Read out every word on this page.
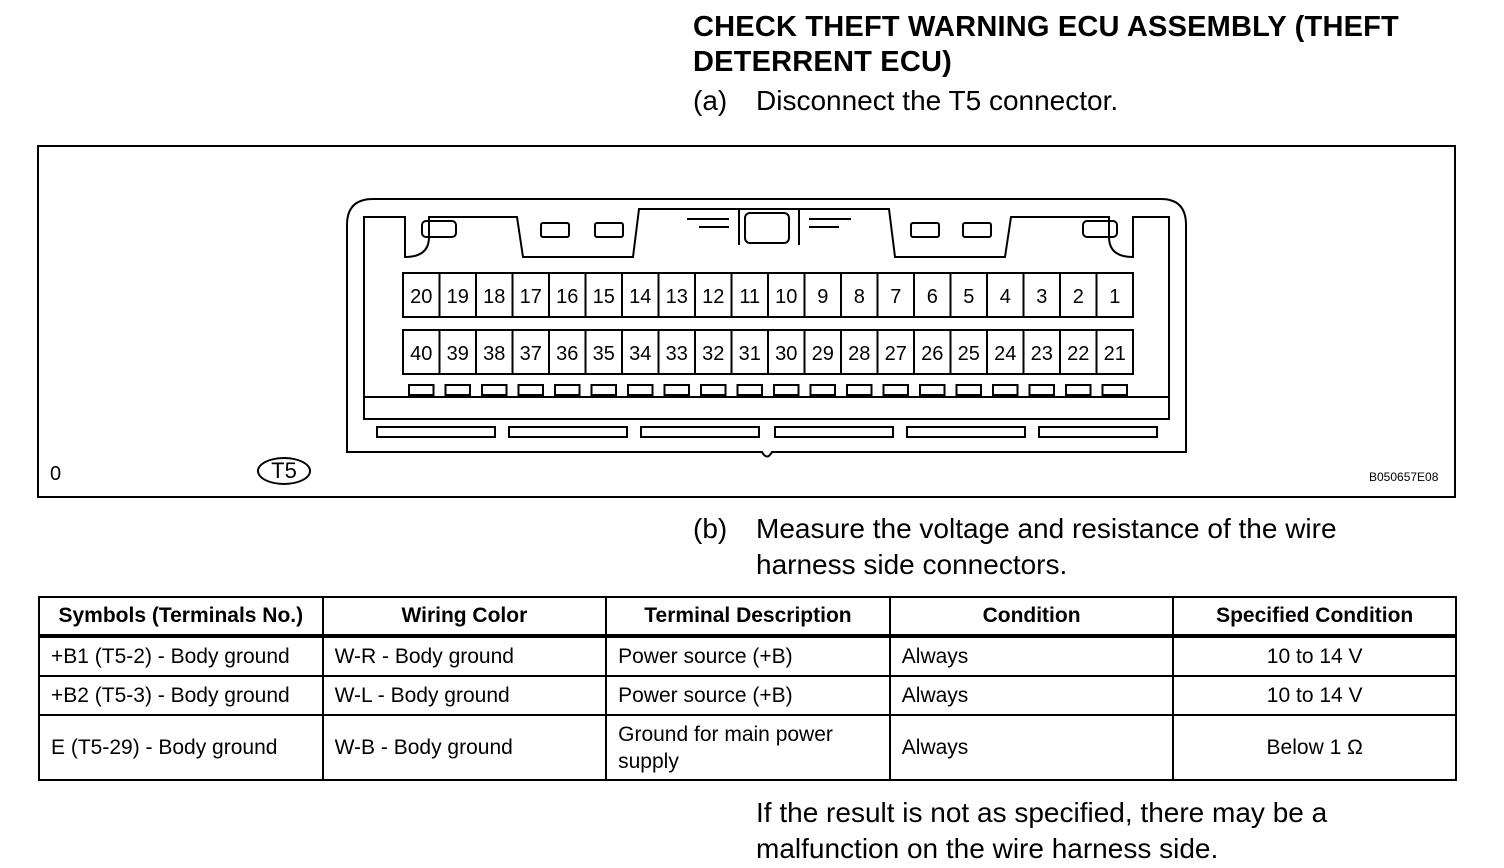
CHECK THEFT WARNING ECU ASSEMBLY (THEFT DETERRENT ECU)
(a) Disconnect the T5 connector.
20 19 18 17 16 15 14 13 12 11 10 9 8 7 6 5 4 3 2 1
40 39 38 37 36 35 34 33 32 31 30 29 28 27 26 25 24 23 22 21
T5
0	B050657E08
(b) Measure the voltage and resistance of the wire harness side connectors.
Symbols (Terminals No.)	Wiring Color	Terminal Description	Condition	Specified Condition
+B1 (T5-2) - Body ground	W-R - Body ground	Power source (+B)	Always	10 to 14 V
+B2 (T5-3) - Body ground	W-L - Body ground	Power source (+B)	Always	10 to 14 V
E (T5-29) - Body ground	W-B - Body ground	Ground for main power supply	Always	Below 1 Ω
If the result is not as specified, there may be a malfunction on the wire harness side.
